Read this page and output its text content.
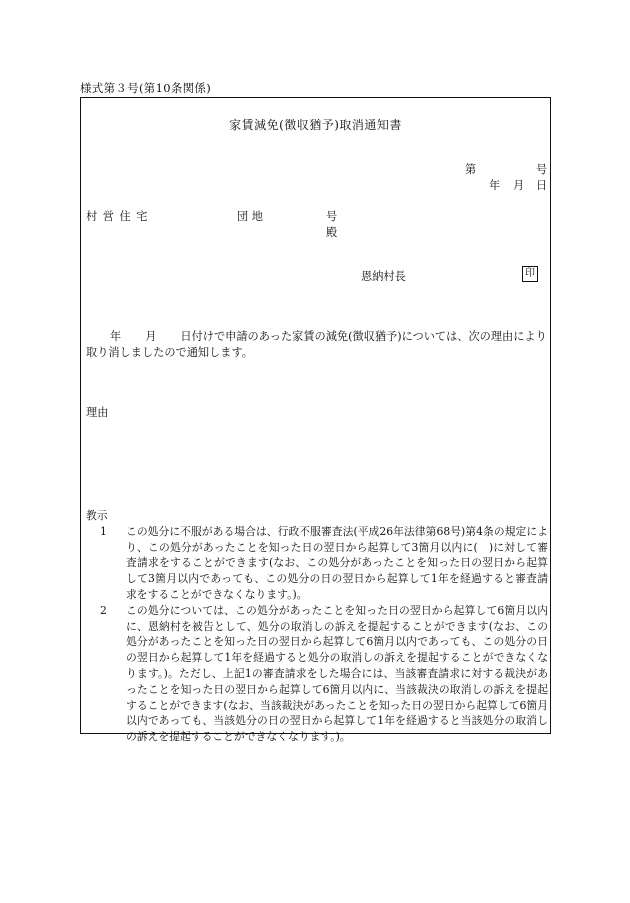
様式第３号(第10条関係)
家賃減免(徴収猶予)取消通知書
第	号
年 月 日
村 営 住 宅	団 地	号
殿
恩納村長	印
年 月 日付けで申請のあった家賃の減免(徴収猶予)については、次の理由により取り消しましたので通知します。
理由
教示
1	この処分に不服がある場合は、行政不服審査法(平成26年法律第68号)第4条の規定により、この処分があったことを知った日の翌日から起算して3箇月以内に(　)に対して審査請求をすることができます(なお、この処分があったことを知った日の翌日から起算して3箇月以内であっても、この処分の日の翌日から起算して1年を経過すると審査請求をすることができなくなります。)。
2	この処分については、この処分があったことを知った日の翌日から起算して6箇月以内に、恩納村を被告として、処分の取消しの訴えを提起することができます(なお、この処分があったことを知った日の翌日から起算して6箇月以内であっても、この処分の日の翌日から起算して1年を経過すると処分の取消しの訴えを提起することができなくなります。)。ただし、上記1の審査請求をした場合には、当該審査請求に対する裁決があったことを知った日の翌日から起算して6箇月以内に、当該裁決の取消しの訴えを提起することができます(なお、当該裁決があったことを知った日の翌日から起算して6箇月以内であっても、当該処分の日の翌日から起算して1年を経過すると当該処分の取消しの訴えを提起することができなくなります。)。
